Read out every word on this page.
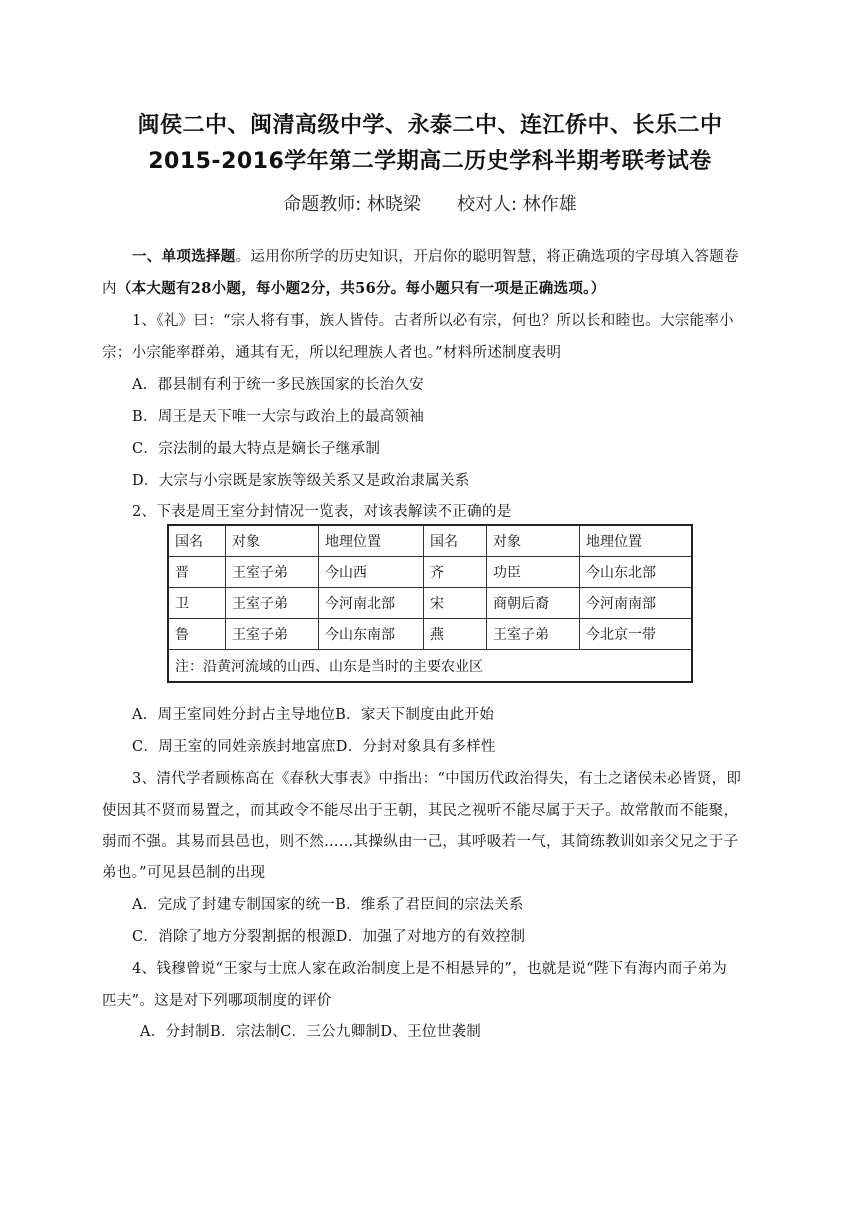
闽侯二中、闽清高级中学、永泰二中、连江侨中、长乐二中
2015-2016学年第二学期高二历史学科半期考联考试卷
命题教师: 林晓梁 校对人: 林作雄
一、单项选择题。运用你所学的历史知识，开启你的聪明智慧，将正确选项的字母填入答题卷
内（本大题有28小题，每小题2分，共56分。每小题只有一项是正确选项。）
1、《礼》曰：“宗人将有事，族人皆侍。古者所以必有宗，何也？所以长和睦也。大宗能率小
宗；小宗能率群弟，通其有无，所以纪理族人者也。”材料所述制度表明
A．郡县制有利于统一多民族国家的长治久安
B．周王是天下唯一大宗与政治上的最高领袖
C．宗法制的最大特点是嫡长子继承制
D．大宗与小宗既是家族等级关系又是政治隶属关系
2、下表是周王室分封情况一览表，对该表解读不正确的是
国名	对象	地理位置	国名	对象	地理位置
晋	王室子弟	今山西	齐	功臣	今山东北部
卫	王室子弟	今河南北部	宋	商朝后裔	今河南南部
鲁	王室子弟	今山东南部	燕	王室子弟	今北京一带
注：沿黄河流域的山西、山东是当时的主要农业区					
A．周王室同姓分封占主导地位B．家天下制度由此开始
C．周王室的同姓亲族封地富庶D．分封对象具有多样性
3、清代学者顾栋高在《春秋大事表》中指出：“中国历代政治得失，有土之诸侯未必皆贤，即
使因其不贤而易置之，而其政令不能尽出于王朝，其民之视听不能尽属于天子。故常散而不能聚，
弱而不强。其易而县邑也，则不然……其操纵由一己，其呼吸若一气，其简练教训如亲父兄之于子
弟也。”可见县邑制的出现
A．完成了封建专制国家的统一B．维系了君臣间的宗法关系
C．消除了地方分裂割据的根源D．加强了对地方的有效控制
4、钱穆曾说“王家与士庶人家在政治制度上是不相悬异的”，也就是说“陛下有海内而子弟为
匹夫”。这是对下列哪项制度的评价
A．分封制B．宗法制C．三公九卿制D、王位世袭制
